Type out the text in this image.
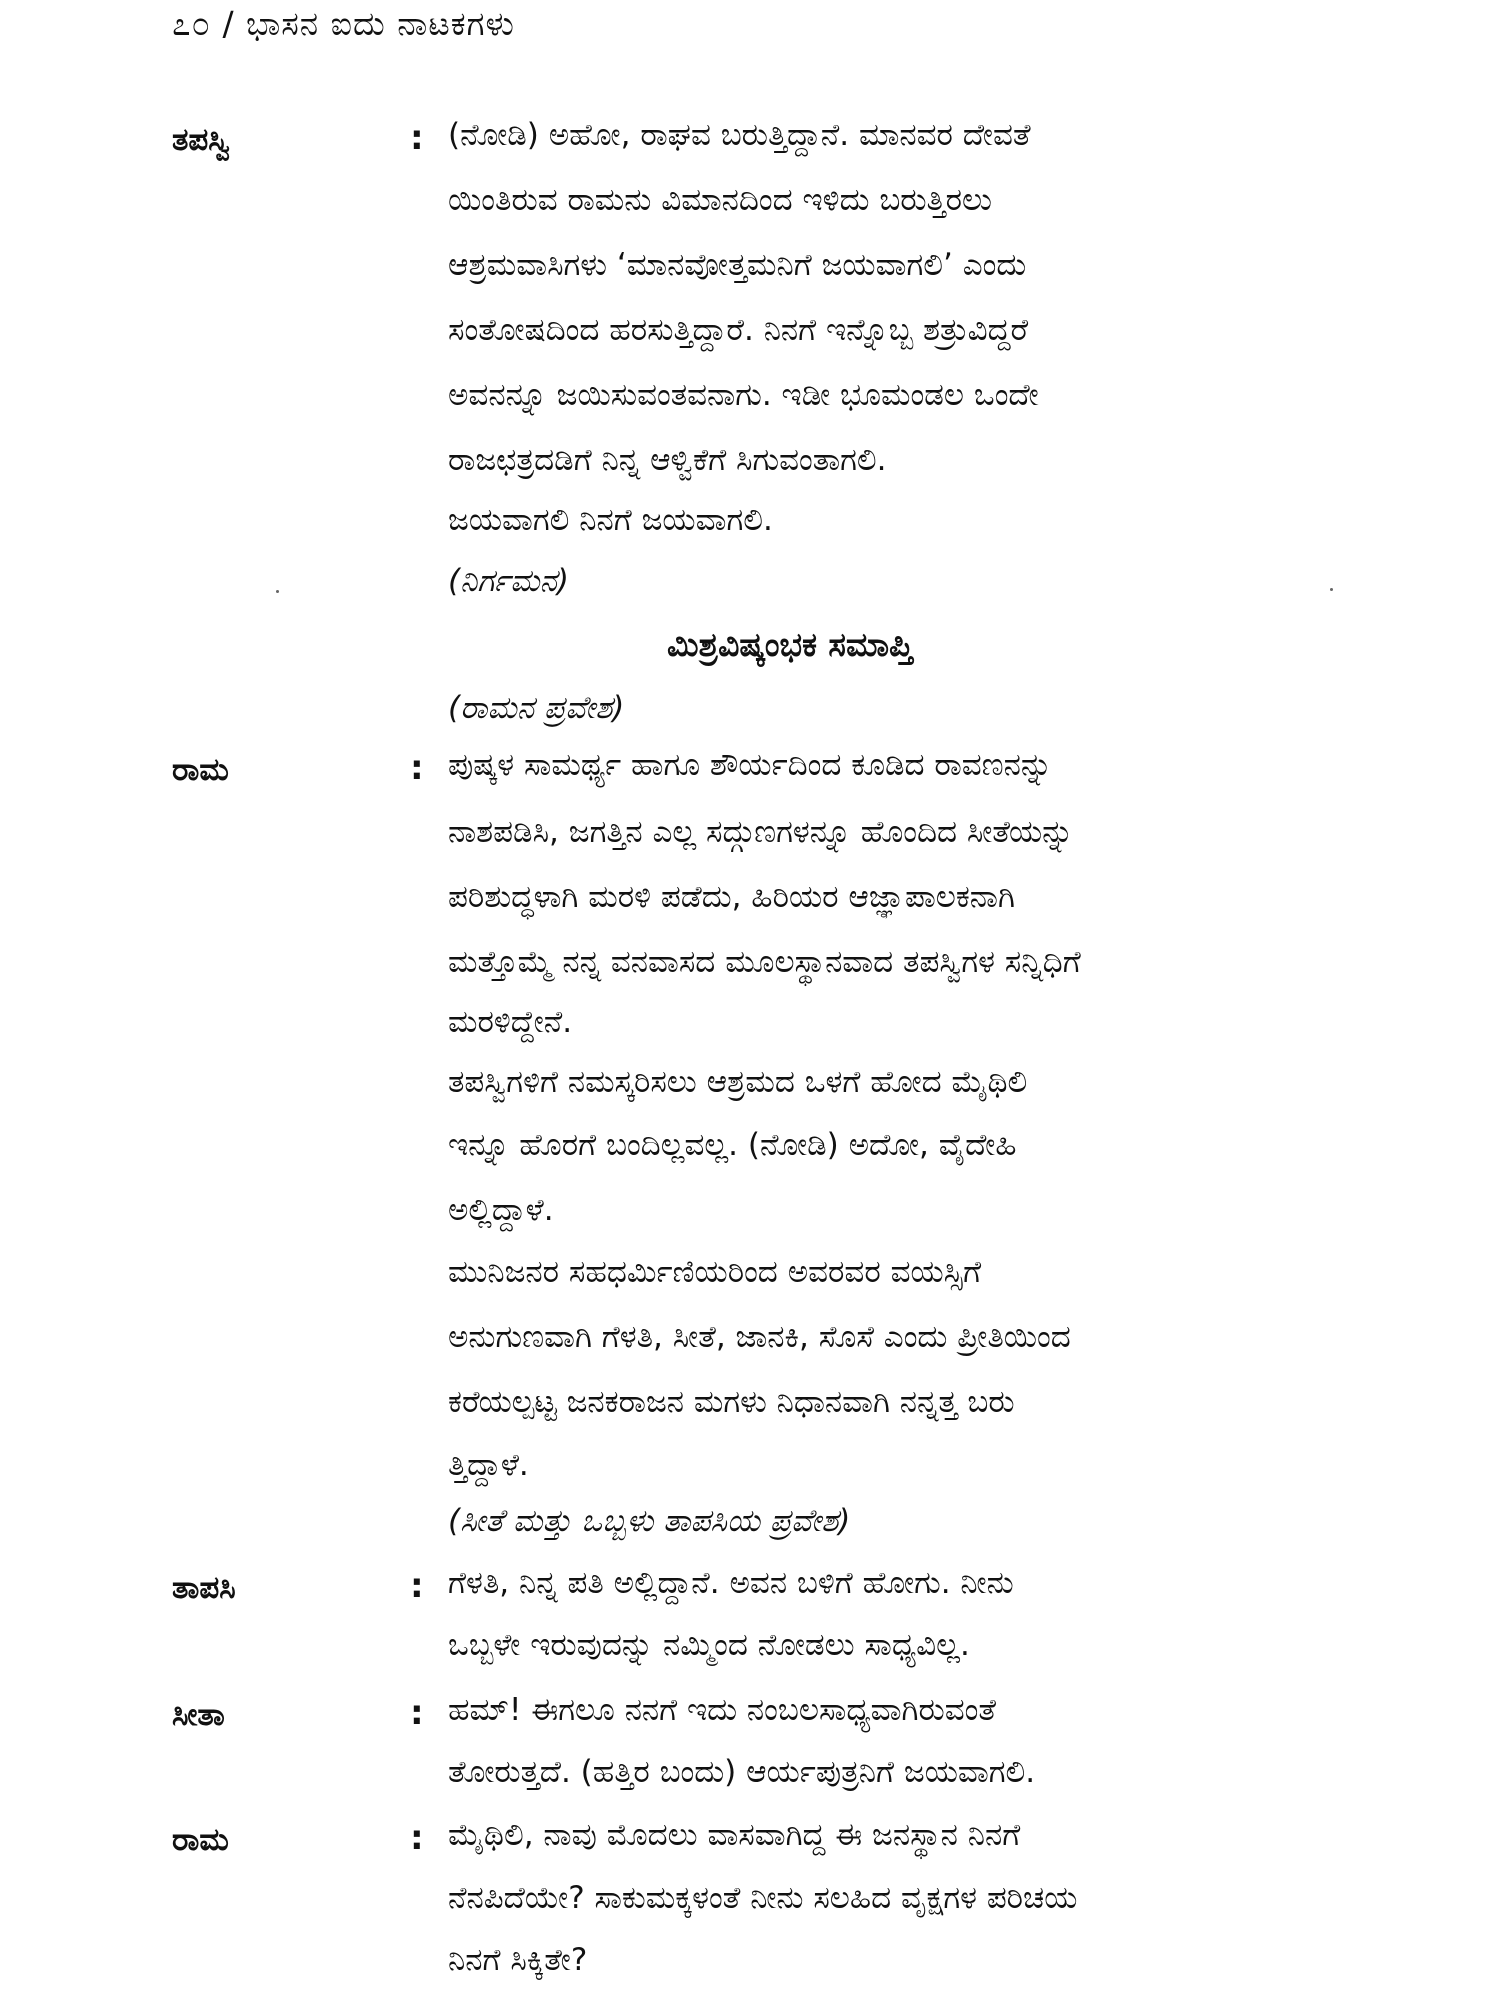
೭೦ / ಭಾಸನ ಐದು ನಾಟಕಗಳು
ತಪಸ್ವಿ	: (ನೋಡಿ) ಅಹೋ, ರಾಘವ ಬರುತ್ತಿದ್ದಾನೆ. ಮಾನವರ ದೇವತೆ
ಯಿಂತಿರುವ ರಾಮನು ವಿಮಾನದಿಂದ ಇಳಿದು ಬರುತ್ತಿರಲು
ಆಶ್ರಮವಾಸಿಗಳು ‘ಮಾನವೋತ್ತಮನಿಗೆ ಜಯವಾಗಲಿ’ ಎಂದು
ಸಂತೋಷದಿಂದ ಹರಸುತ್ತಿದ್ದಾರೆ. ನಿನಗೆ ಇನ್ನೊಬ್ಬ ಶತ್ರುವಿದ್ದರೆ
ಅವನನ್ನೂ ಜಯಿಸುವಂತವನಾಗು. ಇಡೀ ಭೂಮಂಡಲ ಒಂದೇ
ರಾಜಛತ್ರದಡಿಗೆ ನಿನ್ನ ಆಳ್ವಿಕೆಗೆ ಸಿಗುವಂತಾಗಲಿ.
ಜಯವಾಗಲಿ ನಿನಗೆ ಜಯವಾಗಲಿ.
(ನಿರ್ಗಮನ)
ಮಿಶ್ರವಿಷ್ಕಂಭಕ ಸಮಾಪ್ತಿ
(ರಾಮನ ಪ್ರವೇಶ)
ರಾಮ	: ಪುಷ್ಕಳ ಸಾಮರ್ಥ್ಯ ಹಾಗೂ ಶೌರ್ಯದಿಂದ ಕೂಡಿದ ರಾವಣನನ್ನು
ನಾಶಪಡಿಸಿ, ಜಗತ್ತಿನ ಎಲ್ಲ ಸದ್ಗುಣಗಳನ್ನೂ ಹೊಂದಿದ ಸೀತೆಯನ್ನು
ಪರಿಶುದ್ಧಳಾಗಿ ಮರಳಿ ಪಡೆದು, ಹಿರಿಯರ ಆಜ್ಞಾಪಾಲಕನಾಗಿ
ಮತ್ತೊಮ್ಮೆ ನನ್ನ ವನವಾಸದ ಮೂಲಸ್ಥಾನವಾದ ತಪಸ್ವಿಗಳ ಸನ್ನಿಧಿಗೆ
ಮರಳಿದ್ದೇನೆ.
ತಪಸ್ವಿಗಳಿಗೆ ನಮಸ್ಕರಿಸಲು ಆಶ್ರಮದ ಒಳಗೆ ಹೋದ ಮೈಥಿಲಿ
ಇನ್ನೂ ಹೊರಗೆ ಬಂದಿಲ್ಲವಲ್ಲ. (ನೋಡಿ) ಅದೋ, ವೈದೇಹಿ
ಅಲ್ಲಿದ್ದಾಳೆ.
ಮುನಿಜನರ ಸಹಧರ್ಮಿಣಿಯರಿಂದ ಅವರವರ ವಯಸ್ಸಿಗೆ
ಅನುಗುಣವಾಗಿ ಗೆಳತಿ, ಸೀತೆ, ಜಾನಕಿ, ಸೊಸೆ ಎಂದು ಪ್ರೀತಿಯಿಂದ
ಕರೆಯಲ್ಪಟ್ಟ ಜನಕರಾಜನ ಮಗಳು ನಿಧಾನವಾಗಿ ನನ್ನತ್ತ ಬರು
ತ್ತಿದ್ದಾಳೆ.
(ಸೀತೆ ಮತ್ತು ಒಬ್ಬಳು ತಾಪಸಿಯ ಪ್ರವೇಶ)
ತಾಪಸಿ	: ಗೆಳತಿ, ನಿನ್ನ ಪತಿ ಅಲ್ಲಿದ್ದಾನೆ. ಅವನ ಬಳಿಗೆ ಹೋಗು. ನೀನು
ಒಬ್ಬಳೇ ಇರುವುದನ್ನು ನಮ್ಮಿಂದ ನೋಡಲು ಸಾಧ್ಯವಿಲ್ಲ.
ಸೀತಾ	: ಹಮ್! ಈಗಲೂ ನನಗೆ ಇದು ನಂಬಲಸಾಧ್ಯವಾಗಿರುವಂತೆ
ತೋರುತ್ತದೆ. (ಹತ್ತಿರ ಬಂದು) ಆರ್ಯಪುತ್ರನಿಗೆ ಜಯವಾಗಲಿ.
ರಾಮ	: ಮೈಥಿಲಿ, ನಾವು ಮೊದಲು ವಾಸವಾಗಿದ್ದ ಈ ಜನಸ್ಥಾನ ನಿನಗೆ
ನೆನಪಿದೆಯೇ? ಸಾಕುಮಕ್ಕಳಂತೆ ನೀನು ಸಲಹಿದ ವೃಕ್ಷಗಳ ಪರಿಚಯ
ನಿನಗೆ ಸಿಕ್ಕಿತೇ?
